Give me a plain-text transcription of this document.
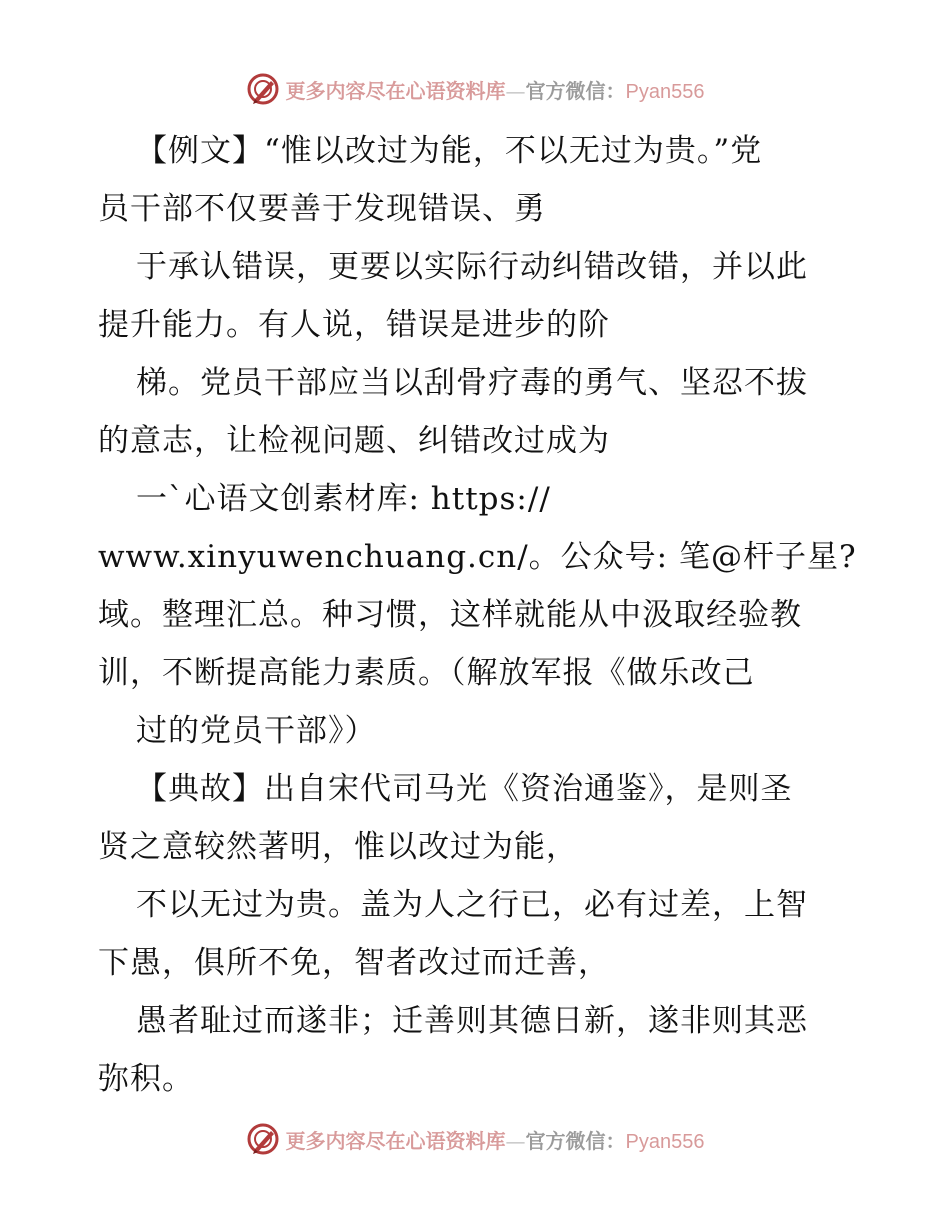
更多内容尽在心语资料库—官方微信：Pyan556
【例文】“惟以改过为能，不以无过为贵。”党
员干部不仅要善于发现错误、勇
于承认错误，更要以实际行动纠错改错，并以此
提升能力。有人说，错误是进步的阶
梯。党员干部应当以刮骨疗毒的勇气、坚忍不拔
的意志，让检视问题、纠错改过成为
一`心语文创素材库: https://
www.xinyuwenchuang.cn/。公众号: 笔@杆子星?
域。整理汇总。种习惯，这样就能从中汲取经验教
训，不断提高能力素质。（解放军报《做乐改己
过的党员干部》）
【典故】出自宋代司马光《资治通鉴》，是则圣
贤之意较然著明，惟以改过为能，
不以无过为贵。盖为人之行已，必有过差，上智
下愚，俱所不免，智者改过而迁善，
愚者耻过而遂非；迁善则其德日新，遂非则其恶
弥积。
更多内容尽在心语资料库—官方微信：Pyan556
